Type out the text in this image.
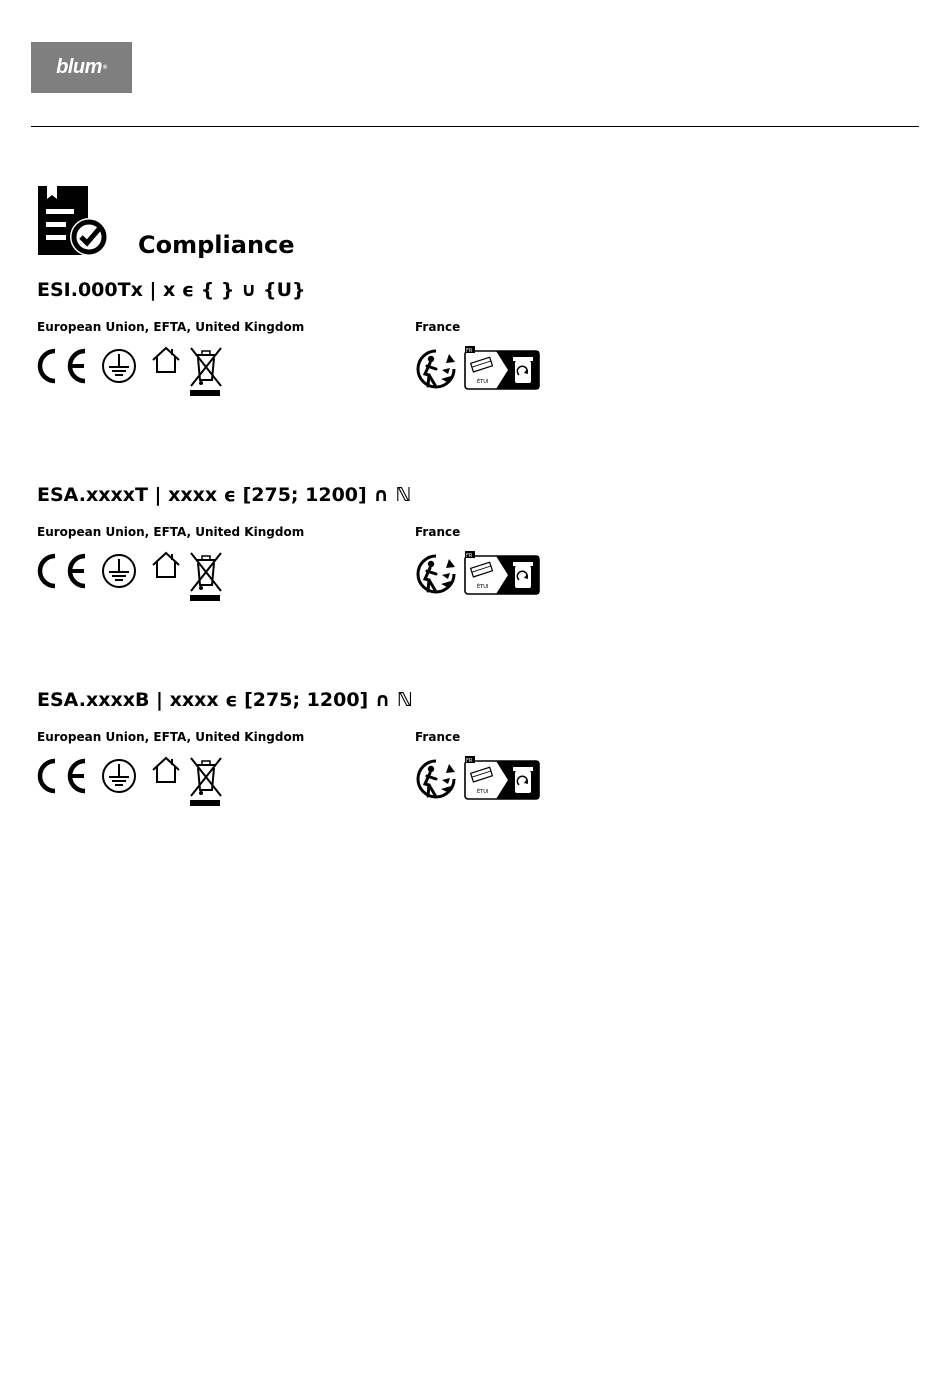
blum ®
Compliance
ESI.000Tx | x ϵ { } ∪ {U}
European Union, EFTA, United Kingdom	France
FR
ÉTUI
ESA.xxxxT | xxxx ϵ [275; 1200] ∩ ℕ
European Union, EFTA, United Kingdom	France
FR
ÉTUI
ESA.xxxxB | xxxx ϵ [275; 1200] ∩ ℕ
European Union, EFTA, United Kingdom	France
FR
ÉTUI
